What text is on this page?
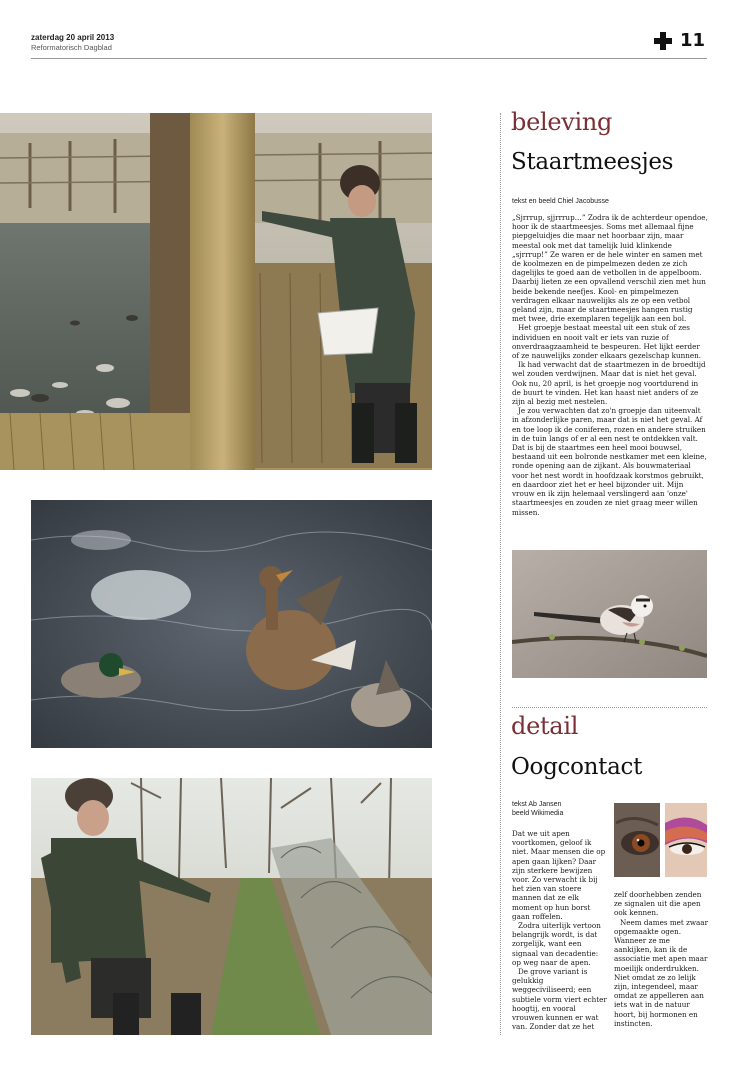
zaterdag 20 april 2013
Reformatorisch Dagblad	11
beleving
Staartmeesjes
tekst en beeld Chiel Jacobusse

„Sjrrrup, sjjrrrup…” Zodra ik de achterdeur opendoe, hoor ik de staartmeesjes. Soms met allemaal fijne piepgeluidjes die maar net hoorbaar zijn, maar meestal ook met dat tamelijk luid klinkende „sjrrrup!” Ze waren er de hele winter en samen met de koolmezen en de pimpelmezen deden ze zich dagelijks te goed aan de vetbollen in de appelboom. Daarbij lieten ze een opvallend verschil zien met hun beide bekende neefjes. Kool- en pimpelmezen verdragen elkaar nauwelijks als ze op een vetbol geland zijn, maar de staartmeesjes hangen rustig met twee, drie exemplaren tegelijk aan een bol.

Het groepje bestaat meestal uit een stuk of zes individuen en nooit valt er iets van ruzie of onverdraagzaamheid te bespeuren. Het lijkt eerder of ze nauwelijks zonder elkaars gezelschap kunnen.

Ik had verwacht dat de staartmezen in de broedtijd wel zouden verdwijnen. Maar dat is niet het geval. Ook nu, 20 april, is het groepje nog voortdurend in de buurt te vinden. Het kan haast niet anders of ze zijn al bezig met nestelen.

Je zou verwachten dat zo'n groepje dan uiteenvalt in afzonderlijke paren, maar dat is niet het geval. Af en toe loop ik de coniferen, rozen en andere struiken in de tuin langs of er al een nest te ontdekken valt. Dat is bij de staartmes een heel mooi bouwsel, bestaand uit een bolronde nestkamer met een kleine, ronde opening aan de zijkant. Als bouwmateriaal voor het nest wordt in hoofdzaak korstmos gebruikt, en daardoor ziet het er heel bijzonder uit. Mijn vrouw en ik zijn helemaal verslingerd aan 'onze' staartmeesjes en zouden ze niet graag meer willen missen.

detail
Oogcontact
tekst Ab Jansen
beeld Wikimedia

Dat we uit apen voortkomen, geloof ik niet. Maar mensen die op apen gaan lijken? Daar zijn sterkere bewijzen voor. Zo verwacht ik bij het zien van stoere mannen dat ze elk moment op hun borst gaan roffelen.

Zodra uiterlijk vertoon belangrijk wordt, is dat zorgelijk, want een signaal van decadentie: op weg naar de apen.

De grove variant is gelukkig weggeciviliseerd; een subtiele vorm viert echter hoogtij, en vooral vrouwen kunnen er wat van. Zonder dat ze het

zelf doorhebben zenden ze signalen uit die apen ook kennen.

Neem dames met zwaar opgemaakte ogen. Wanneer ze me aankijken, kan ik de associatie met apen maar moeilijk onderdrukken. Niet omdat ze zo lelijk zijn, integendeel, maar omdat ze appelleren aan iets wat in de natuur hoort, bij hormonen en instincten.
